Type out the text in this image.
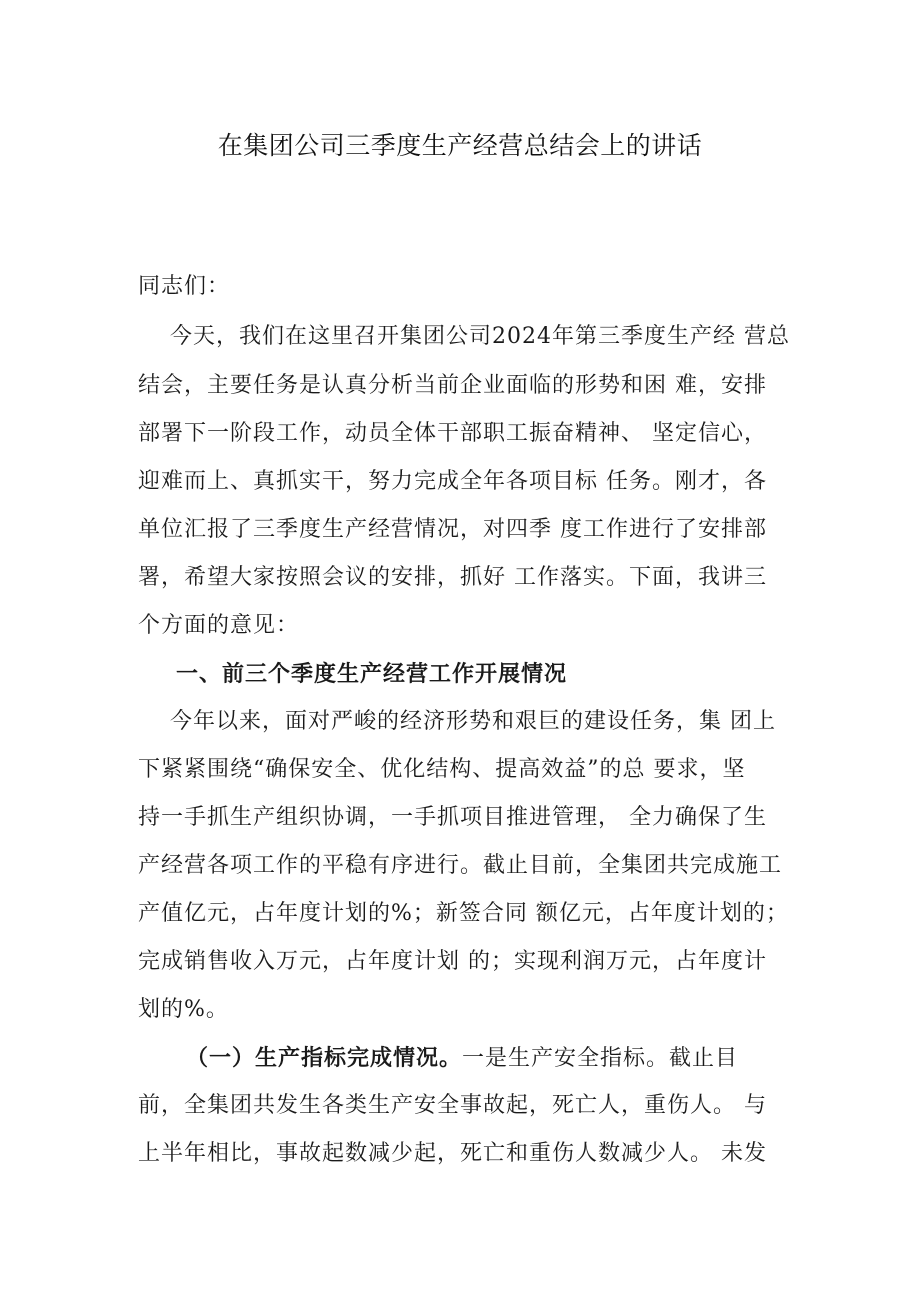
在集团公司三季度生产经营总结会上的讲话
同志们：
今天，我们在这里召开集团公司2024年第三季度生产经 营总
结会，主要任务是认真分析当前企业面临的形势和困 难，安排
部署下一阶段工作，动员全体干部职工振奋精神、 坚定信心，
迎难而上、真抓实干，努力完成全年各项目标 任务。刚才，各
单位汇报了三季度生产经营情况，对四季 度工作进行了安排部
署，希望大家按照会议的安排，抓好 工作落实。下面，我讲三
个方面的意见：
一、前三个季度生产经营工作开展情况
今年以来，面对严峻的经济形势和艰巨的建设任务，集 团上
下紧紧围绕“确保安全、优化结构、提高效益”的总 要求，坚
持一手抓生产组织协调，一手抓项目推进管理， 全力确保了生
产经营各项工作的平稳有序进行。截止目前，全集团共完成施工
产值亿元，占年度计划的%；新签合同 额亿元，占年度计划的；
完成销售收入万元，占年度计划 的；实现利润万元，占年度计
划的%。
（一）生产指标完成情况。一是生产安全指标。截止目
前，全集团共发生各类生产安全事故起，死亡人，重伤人。 与
上半年相比，事故起数减少起，死亡和重伤人数减少人。 未发
